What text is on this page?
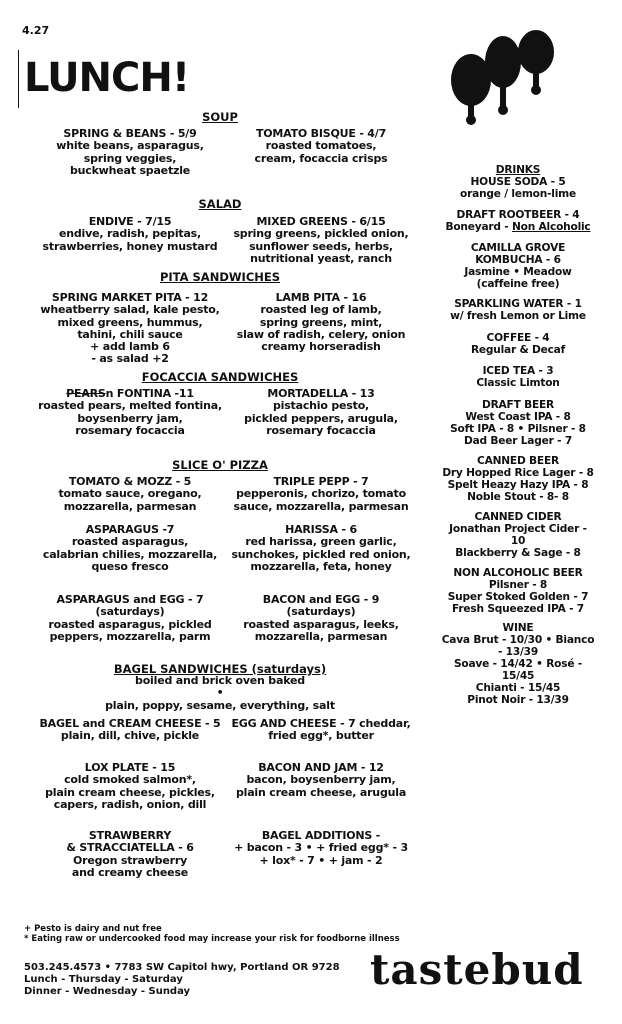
4.27
LUNCH!
SOUP
SPRING & BEANS - 5/9
white beans, asparagus,
spring veggies,
buckwheat spaetzle
TOMATO BISQUE - 4/7
roasted tomatoes,
cream, focaccia crisps
SALAD
ENDIVE - 7/15
endive, radish, pepitas,
strawberries, honey mustard
MIXED GREENS - 6/15
spring greens, pickled onion,
sunflower seeds, herbs,
nutritional yeast, ranch
PITA SANDWICHES
SPRING MARKET PITA - 12
wheatberry salad, kale pesto,
mixed greens, hummus,
tahini, chili sauce
+ add lamb 6
- as salad +2
LAMB PITA - 16
roasted leg of lamb,
spring greens, mint,
slaw of radish, celery, onion
creamy horseradish
FOCACCIA SANDWICHES
PEARSn FONTINA -11
roasted pears, melted fontina,
boysenberry jam,
rosemary focaccia
MORTADELLA - 13
pistachio pesto,
pickled peppers, arugula,
rosemary focaccia
SLICE O' PIZZA
TOMATO & MOZZ - 5
tomato sauce, oregano,
mozzarella, parmesan
TRIPLE PEPP - 7
pepperonis, chorizo, tomato
sauce, mozzarella, parmesan
ASPARAGUS -7
roasted asparagus,
calabrian chilies, mozzarella,
queso fresco
HARISSA - 6
red harissa, green garlic,
sunchokes, pickled red onion,
mozzarella, feta, honey
ASPARAGUS and EGG - 7
(saturdays)
roasted asparagus, pickled
peppers, mozzarella, parm
BACON and EGG - 9
(saturdays)
roasted asparagus, leeks,
mozzarella, parmesan
BAGEL SANDWICHES (saturdays)
boiled and brick oven baked
•
plain, poppy, sesame, everything, salt
BAGEL and CREAM CHEESE - 5
plain, dill, chive, pickle
EGG AND CHEESE - 7 cheddar,
fried egg*, butter
LOX PLATE - 15
cold smoked salmon*,
plain cream cheese, pickles,
capers, radish, onion, dill
BACON AND JAM - 12
bacon, boysenberry jam,
plain cream cheese, arugula
STRAWBERRY
& STRACCIATELLA - 6
Oregon strawberry
and creamy cheese
BAGEL ADDITIONS -
+ bacon - 3 • + fried egg* - 3
+ lox* - 7 • + jam - 2
DRINKS
HOUSE SODA - 5
orange / lemon-lime
DRAFT ROOTBEER - 4
Boneyard - Non Alcoholic
CAMILLA GROVE
KOMBUCHA - 6
Jasmine • Meadow
(caffeine free)
SPARKLING WATER - 1
w/ fresh Lemon or Lime
COFFEE - 4
Regular & Decaf
ICED TEA - 3
Classic Limton
DRAFT BEER
West Coast IPA - 8
Soft IPA - 8 • Pilsner - 8
Dad Beer Lager - 7
CANNED BEER
Dry Hopped Rice Lager - 8
Spelt Heazy Hazy IPA - 8
Noble Stout - 8- 8
CANNED CIDER
Jonathan Project Cider -
10
Blackberry & Sage - 8
NON ALCOHOLIC BEER
Pilsner - 8
Super Stoked Golden - 7
Fresh Squeezed IPA - 7
WINE
Cava Brut - 10/30 • Bianco
- 13/39
Soave - 14/42 • Rosé -
15/45
Chianti - 15/45
Pinot Noir - 13/39
+ Pesto is dairy and nut free
* Eating raw or undercooked food may increase your risk for foodborne illness
503.245.4573 • 7783 SW Capitol hwy, Portland OR 9728
Lunch - Thursday - Saturday
Dinner - Wednesday - Sunday	tastebud
